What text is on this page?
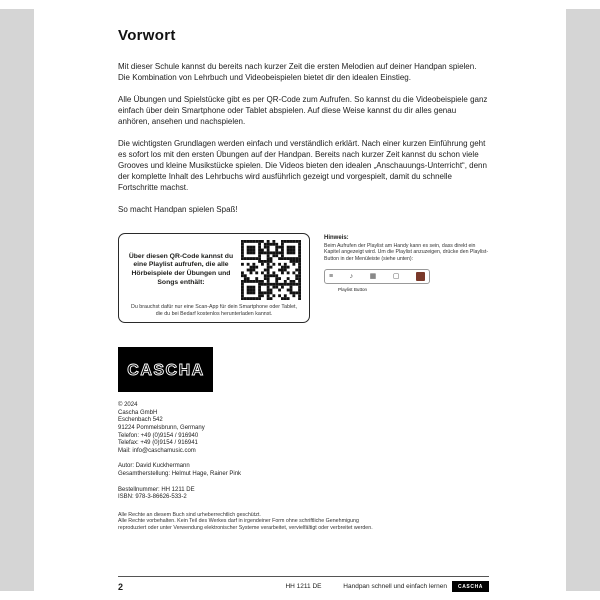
Vorwort

Mit dieser Schule kannst du bereits nach kurzer Zeit die ersten Melodien auf deiner Handpan spielen. Die Kombination von Lehrbuch und Videobeispielen bietet dir den idealen Einstieg.

Alle Übungen und Spielstücke gibt es per QR-Code zum Aufrufen. So kannst du die Videobeispiele ganz einfach über dein Smartphone oder Tablet abspielen. Auf diese Weise kannst du dir alles genau anhören, ansehen und nachspielen.

Die wichtigsten Grundlagen werden einfach und verständlich erklärt. Nach einer kurzen Einführung geht es sofort los mit den ersten Übungen auf der Handpan. Bereits nach kurzer Zeit kannst du schon viele Grooves und kleine Musikstücke spielen. Die Videos bieten den idealen „Anschauungs-Unterricht“, denn der komplette Inhalt des Lehrbuchs wird ausführlich gezeigt und vorgespielt, damit du schnelle Fortschritte machst.

So macht Handpan spielen Spaß!

Über diesen QR-Code kannst du eine Playlist aufrufen, die alle Hörbeispiele der Übungen und Songs enthält:
Du brauchst dafür nur eine Scan-App für dein Smartphone oder Tablet, die du bei Bedarf kostenlos herunterladen kannst.
Hinweis:
Beim Aufrufen der Playlist am Handy kann es sein, dass direkt ein Kapitel angezeigt wird. Um die Playlist anzuzeigen, drücke den Playlist-Button in der Menüleiste (siehe unten):
≡ ♪ ▦ ▢
Playlist Button
CASCHA
© 2024
Cascha GmbH
Eschenbach 542
91224 Pommelsbrunn, Germany
Telefon: +49 (0)9154 / 916940
Telefax: +49 (0)9154 / 916941
Mail: info@caschamusic.com
Autor: David Kuckhermann
Gesamtherstellung: Helmut Hage, Rainer Pink
Bestellnummer: HH 1211 DE
ISBN: 978-3-86626-533-2
Alle Rechte an diesem Buch sind urheberrechtlich geschützt.
Alle Rechte vorbehalten. Kein Teil des Werkes darf in irgendeiner Form ohne schriftliche Genehmigung
reproduziert oder unter Verwendung elektronischer Systeme verarbeitet, vervielfältigt oder verbreitet werden.
2	HH 1211 DE	Handpan schnell und einfach lernen	CASCHA
